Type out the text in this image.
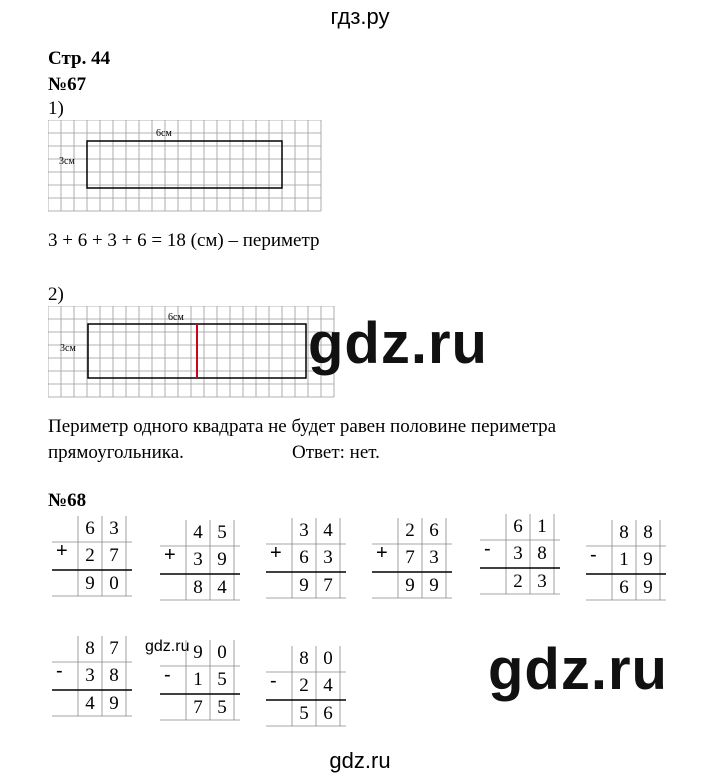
гдз.ру
Стр. 44
№67
1)
6см
3см
3 + 6 + 3 + 6 = 18 (см) – периметр
2)
6см
3см	gdz.ru
Периметр одного квадрата не будет равен половине периметра
прямоугольника.	Ответ: нет.
№68
+
6 3
2 7
9 0
+
4 5
3 9
8 4
+
3 4
6 3
9 7
+
2 6
7 3
9 9
-
6 1
3 8
2 3
-
8 8
1 9
6 9
-
8 7
3 8
4 9
-
9 0
1 5
7 5
-
8 0
2 4
5 6
gdz.ru	gdz.ru
gdz.ru
